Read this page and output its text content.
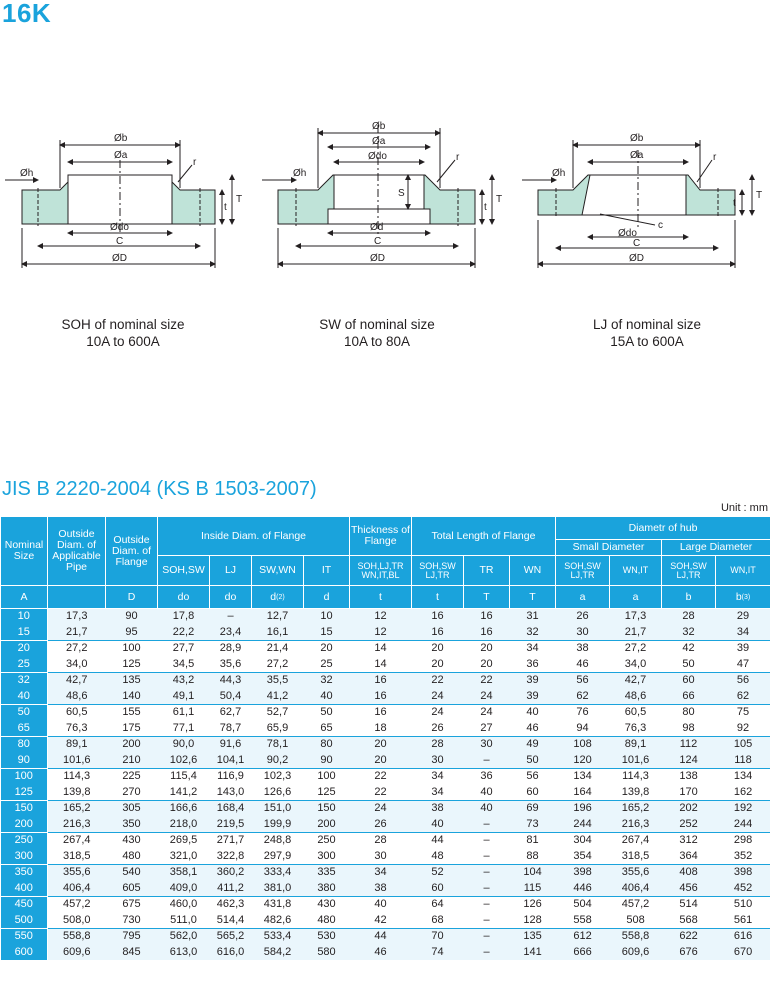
16K
Øb
Øa
Øh
Ødo
C
ØD
r
T
t
Øb
Øa
Ødo
Øh
S
Ød
C
ØD
r
T
t
Øb
Øa
Øh
c
Ødo
C
ØD
r
T
t
SOH of nominal size
10A to 600A
SW of nominal size
10A to 80A
LJ of nominal size
15A to 600A
JIS B 2220-2004 (KS B 1503-2007)
Unit : mm
Nominal Size	Outside Diam. of Applicable Pipe	Outside Diam. of Flange	Inside Diam. of Flange				Thickness of Flange	Total Length of Flange			Diametr of hub			
											Small Diameter		Large Diameter	
			SOH,SW	LJ	SW,WN	IT	SOH,LJ,TR WN,IT,BL	SOH,SW LJ,TR	TR	WN	SOH,SW LJ,TR	WN,IT	SOH,SW LJ,TR	WN,IT
A		D	do	do	$d^{(2)}$	d	t	t	T	T	a	a	b	$b^{(3)}$
10	17,3	90	17,8	–	12,7	10	12	16	16	31	26	17,3	28	29
15	21,7	95	22,2	23,4	16,1	15	12	16	16	32	30	21,7	32	34
20	27,2	100	27,7	28,9	21,4	20	14	20	20	34	38	27,2	42	39
25	34,0	125	34,5	35,6	27,2	25	14	20	20	36	46	34,0	50	47
32	42,7	135	43,2	44,3	35,5	32	16	22	22	39	56	42,7	60	56
40	48,6	140	49,1	50,4	41,2	40	16	24	24	39	62	48,6	66	62
50	60,5	155	61,1	62,7	52,7	50	16	24	24	40	76	60,5	80	75
65	76,3	175	77,1	78,7	65,9	65	18	26	27	46	94	76,3	98	92
80	89,1	200	90,0	91,6	78,1	80	20	28	30	49	108	89,1	112	105
90	101,6	210	102,6	104,1	90,2	90	20	30	–	50	120	101,6	124	118
100	114,3	225	115,4	116,9	102,3	100	22	34	36	56	134	114,3	138	134
125	139,8	270	141,2	143,0	126,6	125	22	34	40	60	164	139,8	170	162
150	165,2	305	166,6	168,4	151,0	150	24	38	40	69	196	165,2	202	192
200	216,3	350	218,0	219,5	199,9	200	26	40	–	73	244	216,3	252	244
250	267,4	430	269,5	271,7	248,8	250	28	44	–	81	304	267,4	312	298
300	318,5	480	321,0	322,8	297,9	300	30	48	–	88	354	318,5	364	352
350	355,6	540	358,1	360,2	333,4	335	34	52	–	104	398	355,6	408	398
400	406,4	605	409,0	411,2	381,0	380	38	60	–	115	446	406,4	456	452
450	457,2	675	460,0	462,3	431,8	430	40	64	–	126	504	457,2	514	510
500	508,0	730	511,0	514,4	482,6	480	42	68	–	128	558	508	568	561
550	558,8	795	562,0	565,2	533,4	530	44	70	–	135	612	558,8	622	616
600	609,6	845	613,0	616,0	584,2	580	46	74	–	141	666	609,6	676	670
